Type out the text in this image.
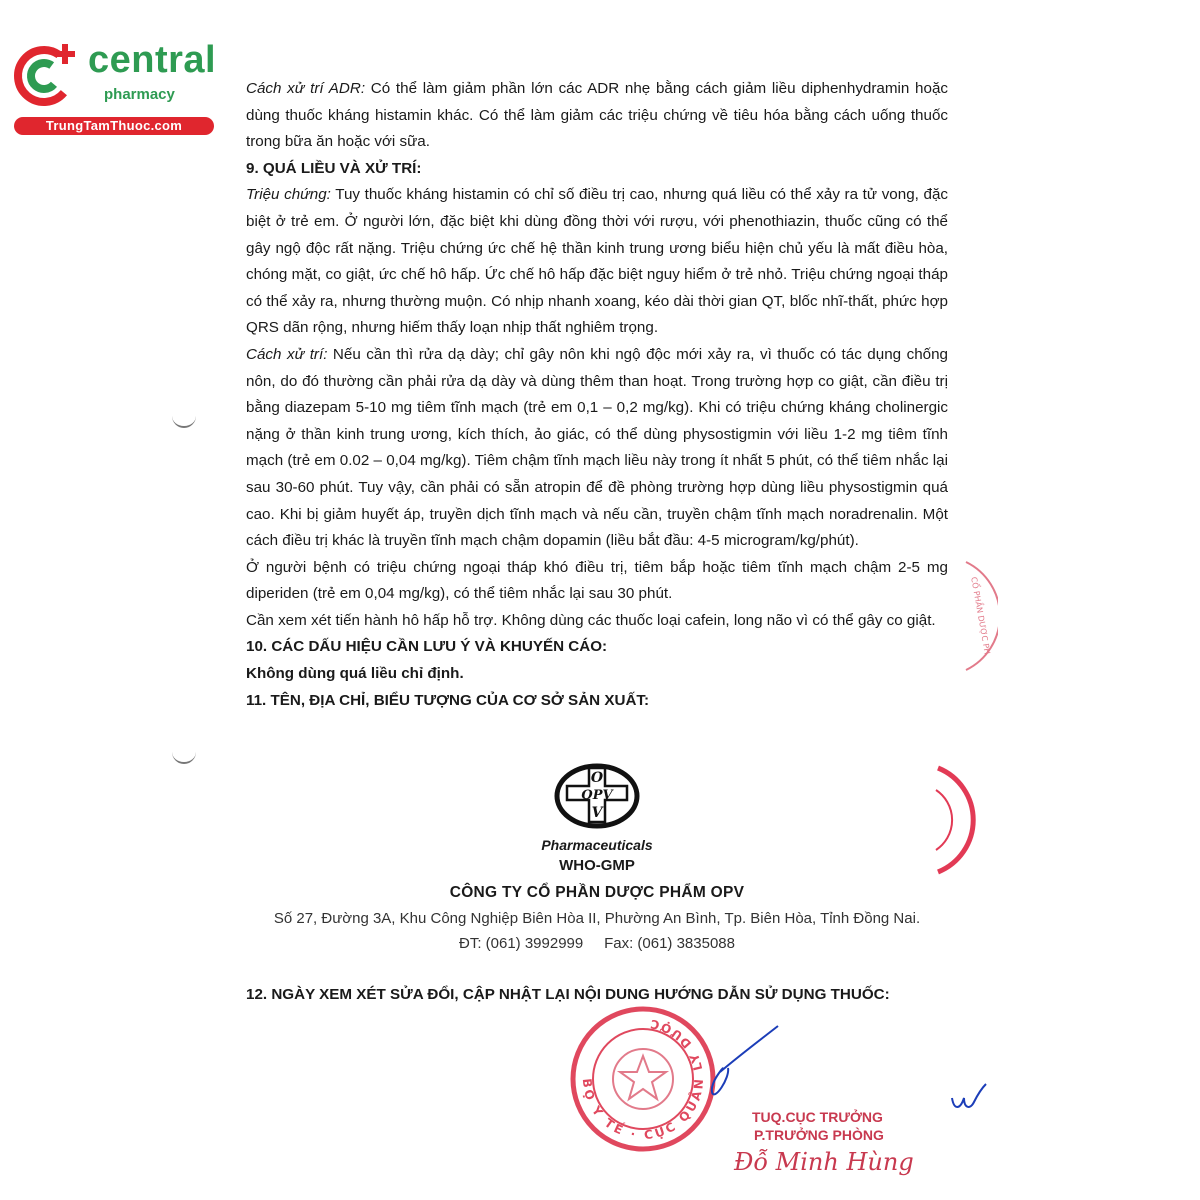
central
pharmacy
TrungTamThuoc.com

Cách xử trí ADR: Có thể làm giảm phần lớn các ADR nhẹ bằng cách giảm liều diphenhydramin hoặc dùng thuốc kháng histamin khác. Có thể làm giảm các triệu chứng về tiêu hóa bằng cách uống thuốc trong bữa ăn hoặc với sữa.

9. QUÁ LIỀU VÀ XỬ TRÍ:

Triệu chứng: Tuy thuốc kháng histamin có chỉ số điều trị cao, nhưng quá liều có thể xảy ra tử vong, đặc biệt ở trẻ em. Ở người lớn, đặc biệt khi dùng đồng thời với rượu, với phenothiazin, thuốc cũng có thể gây ngộ độc rất nặng. Triệu chứng ức chế hệ thần kinh trung ương biểu hiện chủ yếu là mất điều hòa, chóng mặt, co giật, ức chế hô hấp. Ức chế hô hấp đặc biệt nguy hiểm ở trẻ nhỏ. Triệu chứng ngoại tháp có thể xảy ra, nhưng thường muộn. Có nhịp nhanh xoang, kéo dài thời gian QT, blốc nhĩ-thất, phức hợp QRS dãn rộng, nhưng hiếm thấy loạn nhịp thất nghiêm trọng.

Cách xử trí: Nếu cần thì rửa dạ dày; chỉ gây nôn khi ngộ độc mới xảy ra, vì thuốc có tác dụng chống nôn, do đó thường cần phải rửa dạ dày và dùng thêm than hoạt. Trong trường hợp co giật, cần điều trị bằng diazepam 5-10 mg tiêm tĩnh mạch (trẻ em 0,1 – 0,2 mg/kg). Khi có triệu chứng kháng cholinergic nặng ở thần kinh trung ương, kích thích, ảo giác, có thể dùng physostigmin với liều 1-2 mg tiêm tĩnh mạch (trẻ em 0.02 – 0,04 mg/kg). Tiêm chậm tĩnh mạch liều này trong ít nhất 5 phút, có thể tiêm nhắc lại sau 30-60 phút. Tuy vậy, cần phải có sẵn atropin để đề phòng trường hợp dùng liều physostigmin quá cao. Khi bị giảm huyết áp, truyền dịch tĩnh mạch và nếu cần, truyền chậm tĩnh mạch noradrenalin. Một cách điều trị khác là truyền tĩnh mạch chậm dopamin (liều bắt đầu: 4-5 microgram/kg/phút).

Ở người bệnh có triệu chứng ngoại tháp khó điều trị, tiêm bắp hoặc tiêm tĩnh mạch chậm 2-5 mg diperiden (trẻ em 0,04 mg/kg), có thể tiêm nhắc lại sau 30 phút.

Cần xem xét tiến hành hô hấp hỗ trợ. Không dùng các thuốc loại cafein, long não vì có thể gây co giật.

10. CÁC DẤU HIỆU CẦN LƯU Ý VÀ KHUYẾN CÁO:

Không dùng quá liều chỉ định.

11. TÊN, ĐỊA CHỈ, BIỂU TƯỢNG CỦA CƠ SỞ SẢN XUẤT:

O
OPV
V
Pharmaceuticals
WHO-GMP
CÔNG TY CỔ PHẦN DƯỢC PHẨM OPV
Số 27, Đường 3A, Khu Công Nghiệp Biên Hòa II, Phường An Bình, Tp. Biên Hòa, Tỉnh Đồng Nai.
ĐT: (061) 3992999     Fax: (061) 3835088
12. NGÀY XEM XÉT SỬA ĐỔI, CẬP NHẬT LẠI NỘI DUNG HƯỚNG DẪN SỬ DỤNG THUỐC:
CỔ PHẦN DƯỢC PH
BỘ Y TẾ · CỤC QUẢN LÝ DƯỢC
TUQ.CỤC TRƯỞNG
P.TRƯỞNG PHÒNG
Đỗ Minh Hùng
